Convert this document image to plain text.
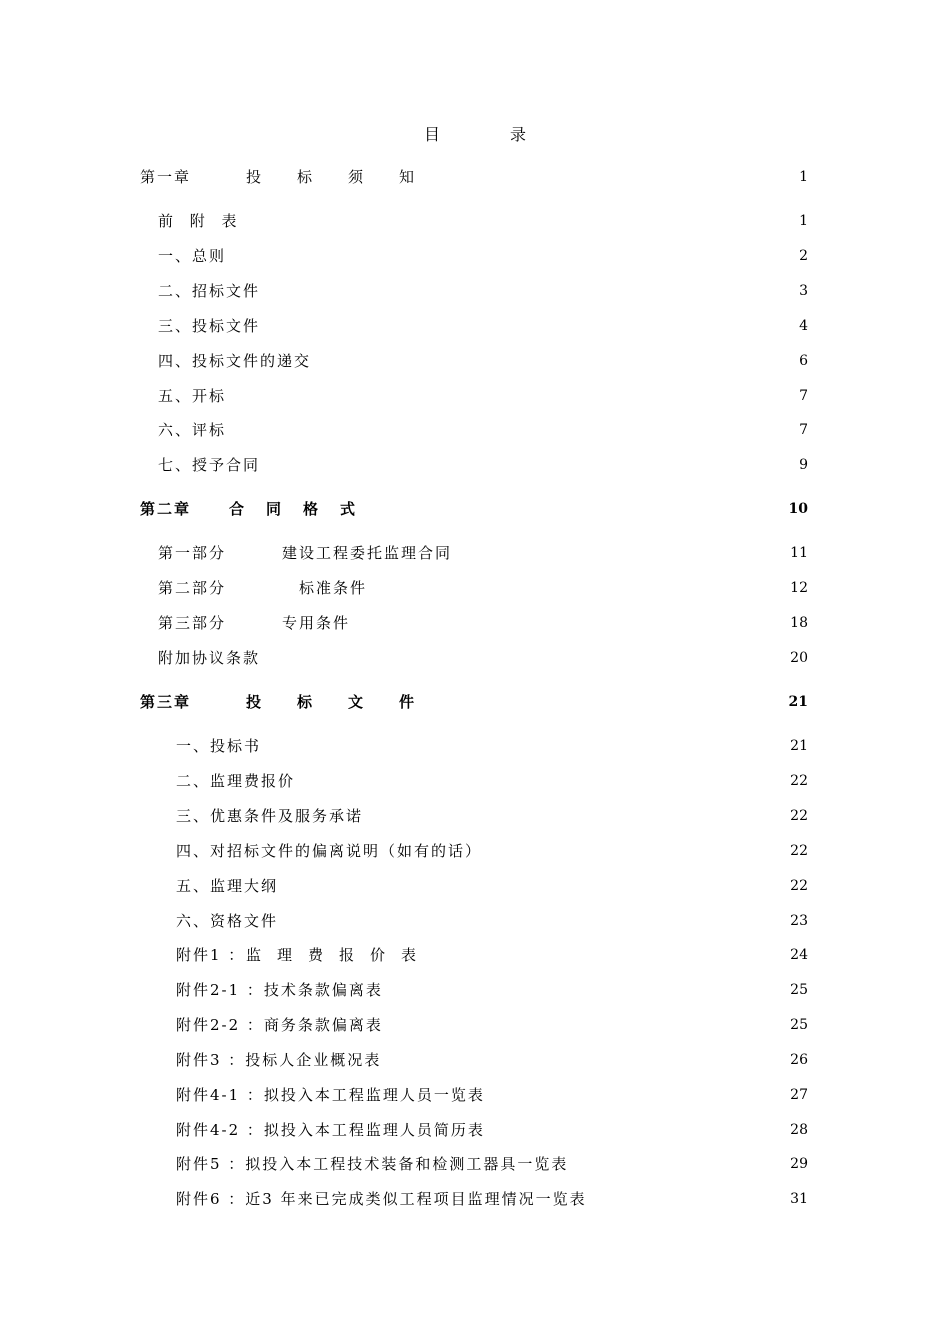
目	录
第一章	投标须知	1
前 附 表	1
一、总则	2
二、招标文件	3
三、投标文件	4
四、投标文件的递交	6
五、开标	7
六、评标	7
七、授予合同	9
第二章	合同格式	10
第一部分	建设工程委托监理合同	11
第二部分	标准条件	12
第三部分	专用条件	18
附加协议条款	20
第三章	投标文件	21
一、投标书	21
二、监理费报价	22
三、优惠条件及服务承诺	22
四、对招标文件的偏离说明（如有的话）	22
五、监理大纲	22
六、资格文件	23
附件1 ： 监理费报价表	24
附件2-1 ：技术条款偏离表	25
附件2-2 ：商务条款偏离表	25
附件3 ：投标人企业概况表	26
附件4-1 ：拟投入本工程监理人员一览表	27
附件4-2 ：拟投入本工程监理人员简历表	28
附件5 ：拟投入本工程技术装备和检测工器具一览表	29
附件6 ：近3 年来已完成类似工程项目监理情况一览表	31
